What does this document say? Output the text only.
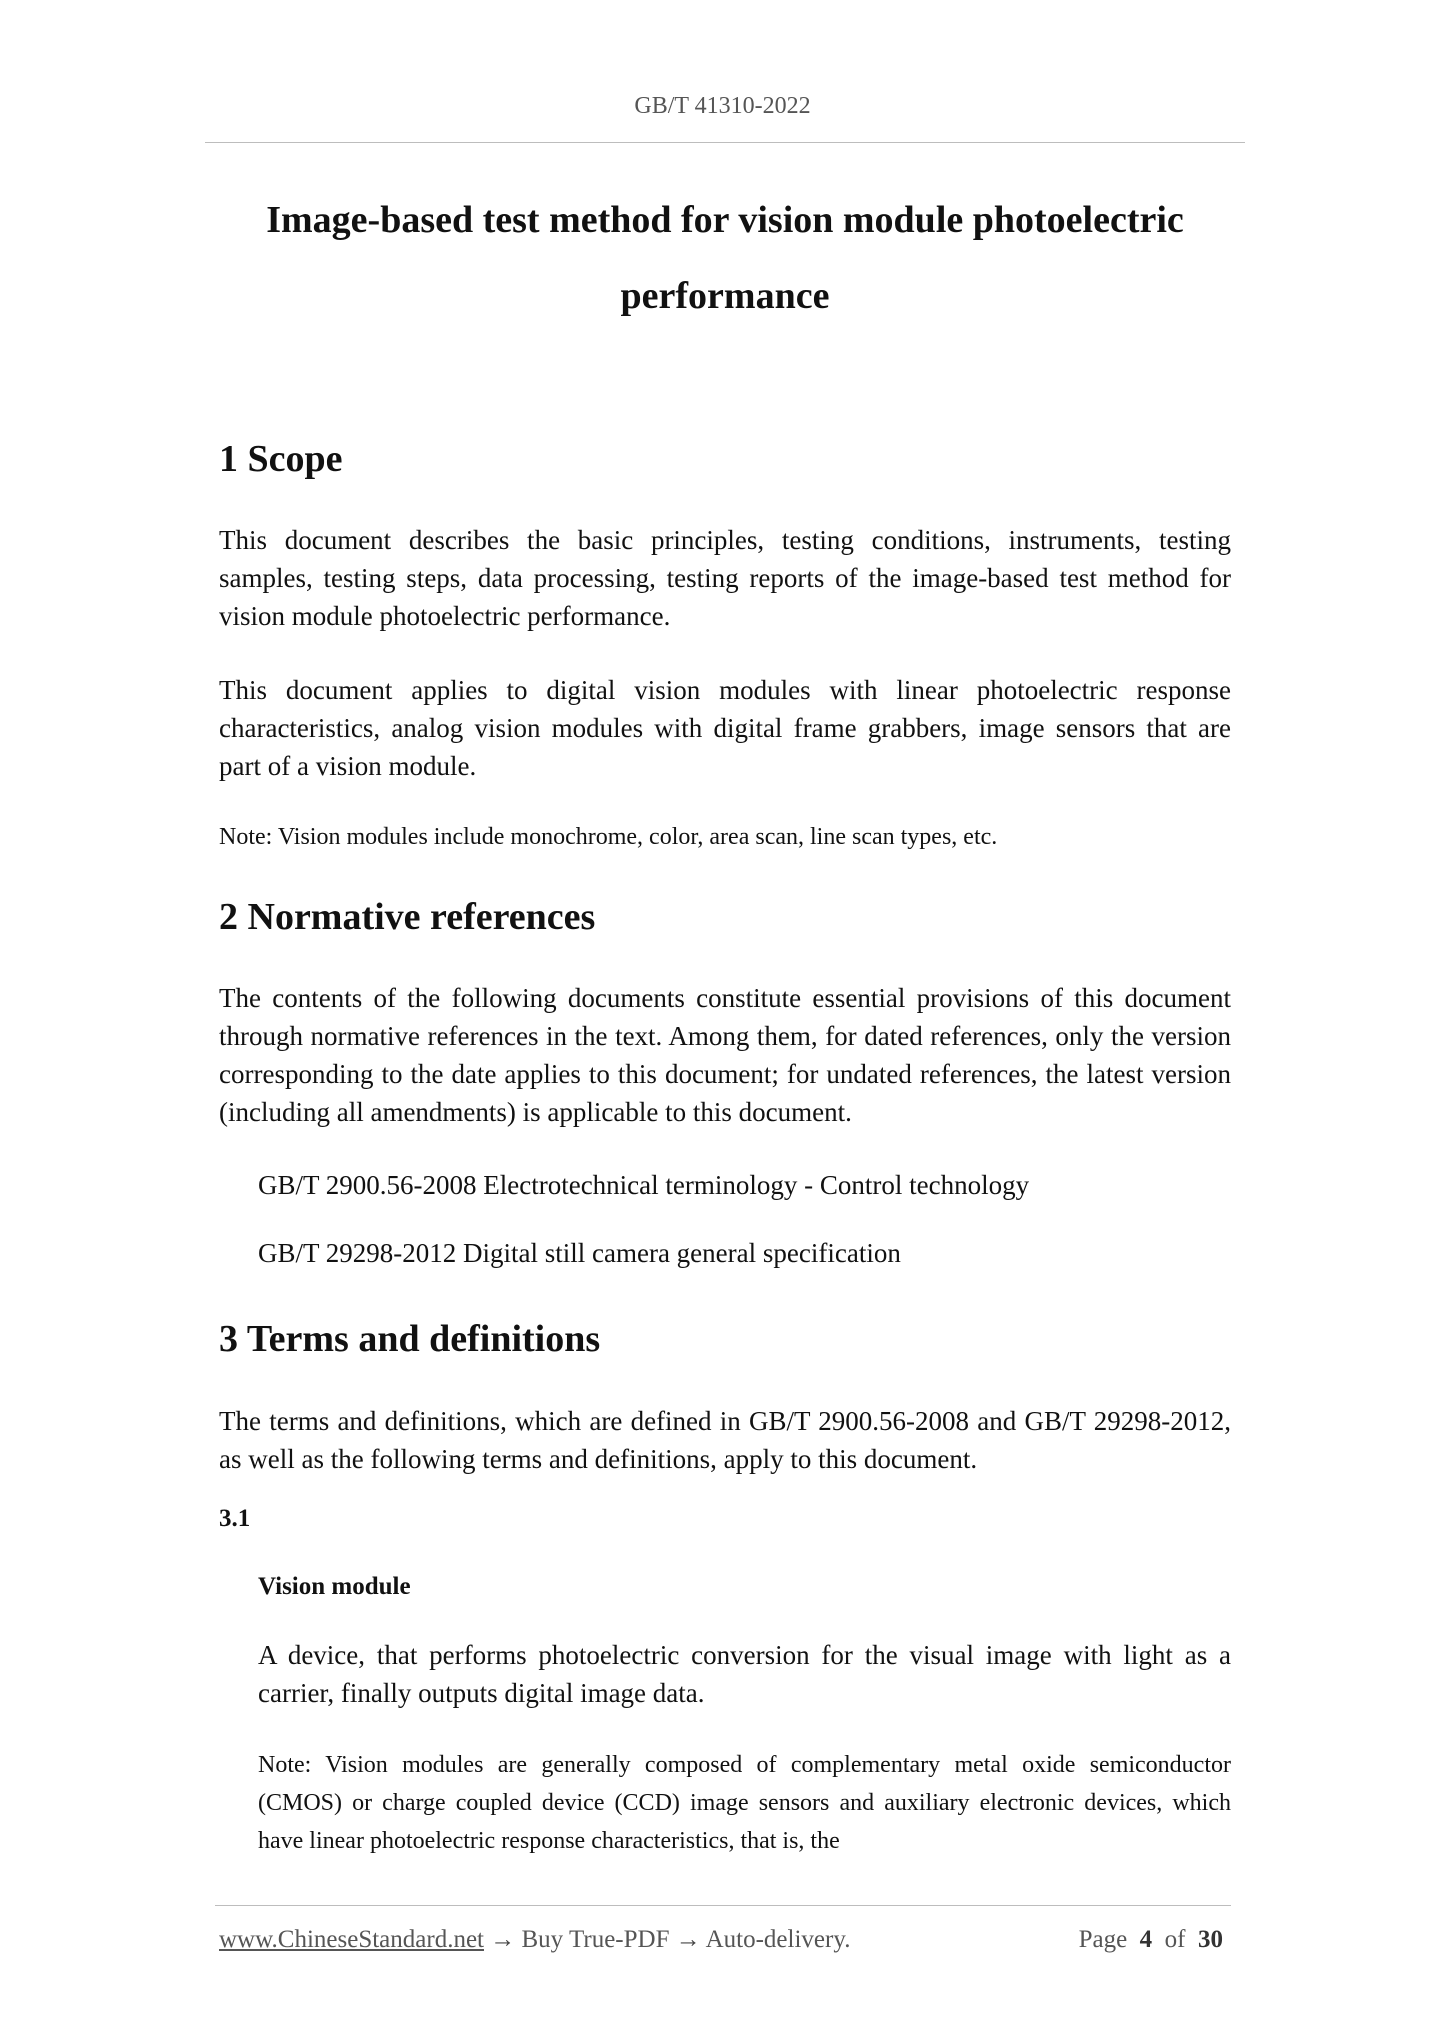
GB/T 41310-2022
Image-based test method for vision module photoelectric
performance
1 Scope

This document describes the basic principles, testing conditions, instruments, testing samples, testing steps, data processing, testing reports of the image-based test method for vision module photoelectric performance.

This document applies to digital vision modules with linear photoelectric response characteristics, analog vision modules with digital frame grabbers, image sensors that are part of a vision module.

Note: Vision modules include monochrome, color, area scan, line scan types, etc.

2 Normative references

The contents of the following documents constitute essential provisions of this document through normative references in the text. Among them, for dated references, only the version corresponding to the date applies to this document; for undated references, the latest version (including all amendments) is applicable to this document.

GB/T 2900.56-2008 Electrotechnical terminology - Control technology

GB/T 29298-2012 Digital still camera general specification

3 Terms and definitions

The terms and definitions, which are defined in GB/T 2900.56-2008 and GB/T 29298-2012, as well as the following terms and definitions, apply to this document.

3.1

Vision module

A device, that performs photoelectric conversion for the visual image with light as a carrier, finally outputs digital image data.

Note: Vision modules are generally composed of complementary metal oxide semiconductor (CMOS) or charge coupled device (CCD) image sensors and auxiliary electronic devices, which have linear photoelectric response characteristics, that is, the

www.ChineseStandard.net → Buy True-PDF → Auto-delivery.	Page 4 of 30
